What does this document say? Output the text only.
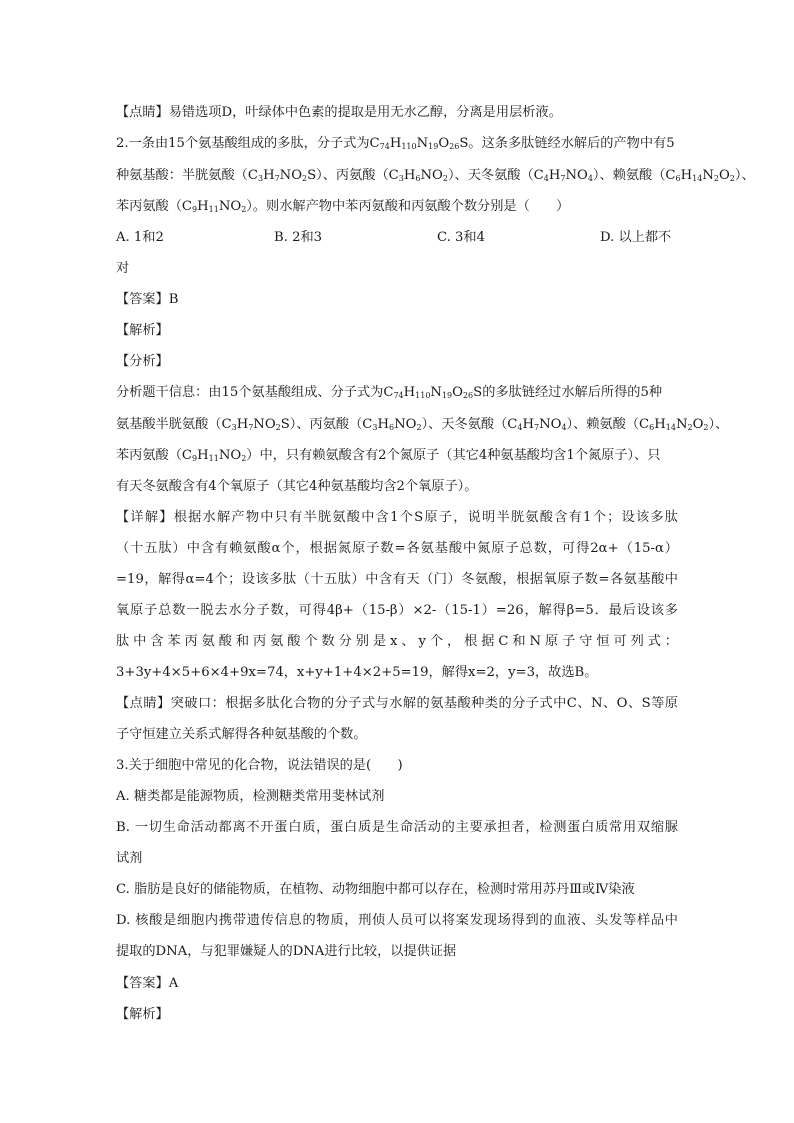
【点睛】易错选项D，叶绿体中色素的提取是用无水乙醇，分离是用层析液。
2.一条由15个氨基酸组成的多肽，分子式为$C_{74}H_{110}N_{19}O_{26}S$。这条多肽链经水解后的产物中有5
种氨基酸：半胱氨酸$(C_3H_7NO_2S)$、丙氨酸$(C_3H_6NO_2)$、天冬氨酸$(C_4H_7NO_4)$、赖氨酸$(C_6H_{14}N_2O_2)$、
苯丙氨酸$(C_9H_{11}NO_2)$。则水解产物中苯丙氨酸和丙氨酸个数分别是（　　）
A. 1和2	B. 2和3	C. 3和4	D. 以上都不
对
【答案】B
【解析】
【分析】
分析题干信息：由15个氨基酸组成、分子式为$C_{74}H_{110}N_{19}O_{26}S$的多肽链经过水解后所得的5种
氨基酸半胱氨酸$(C_3H_7NO_2S)$、丙氨酸$(C_3H_6NO_2)$、天冬氨酸$(C_4H_7NO_4)$、赖氨酸$(C_6H_{14}N_2O_2)$、
苯丙氨酸$(C_9H_{11}NO_2)$中，只有赖氨酸含有2个氮原子（其它4种氨基酸均含1个氮原子）、只
有天冬氨酸含有4个氧原子（其它4种氨基酸均含2个氧原子）。
【详解】根据水解产物中只有半胱氨酸中含1个S原子，说明半胱氨酸含有1个；设该多肽
（十五肽）中含有赖氨酸α个，根据氮原子数=各氨基酸中氮原子总数，可得2α+（15-α）
=19，解得α=4个；设该多肽（十五肽）中含有天（门）冬氨酸，根据氧原子数=各氨基酸中
氧原子总数一脱去水分子数，可得4β+（15-β）×2-（15-1）=26，解得β=5．最后设该多
肽中含苯丙氨酸和丙氨酸个数分别是x、y个，根据C和N原子守恒可列式：
3+3y+4×5+6×4+9x=74，x+y+1+4×2+5=19，解得x=2，y=3，故选B。
【点睛】突破口：根据多肽化合物的分子式与水解的氨基酸种类的分子式中C、N、O、S等原
子守恒建立关系式解得各种氨基酸的个数。
3.关于细胞中常见的化合物，说法错误的是(　　)
A. 糖类都是能源物质，检测糖类常用斐林试剂
B. 一切生命活动都离不开蛋白质，蛋白质是生命活动的主要承担者，检测蛋白质常用双缩脲
试剂
C. 脂肪是良好的储能物质，在植物、动物细胞中都可以存在，检测时常用苏丹Ⅲ或Ⅳ染液
D. 核酸是细胞内携带遗传信息的物质，刑侦人员可以将案发现场得到的血液、头发等样品中
提取的DNA，与犯罪嫌疑人的DNA进行比较，以提供证据
【答案】A
【解析】
